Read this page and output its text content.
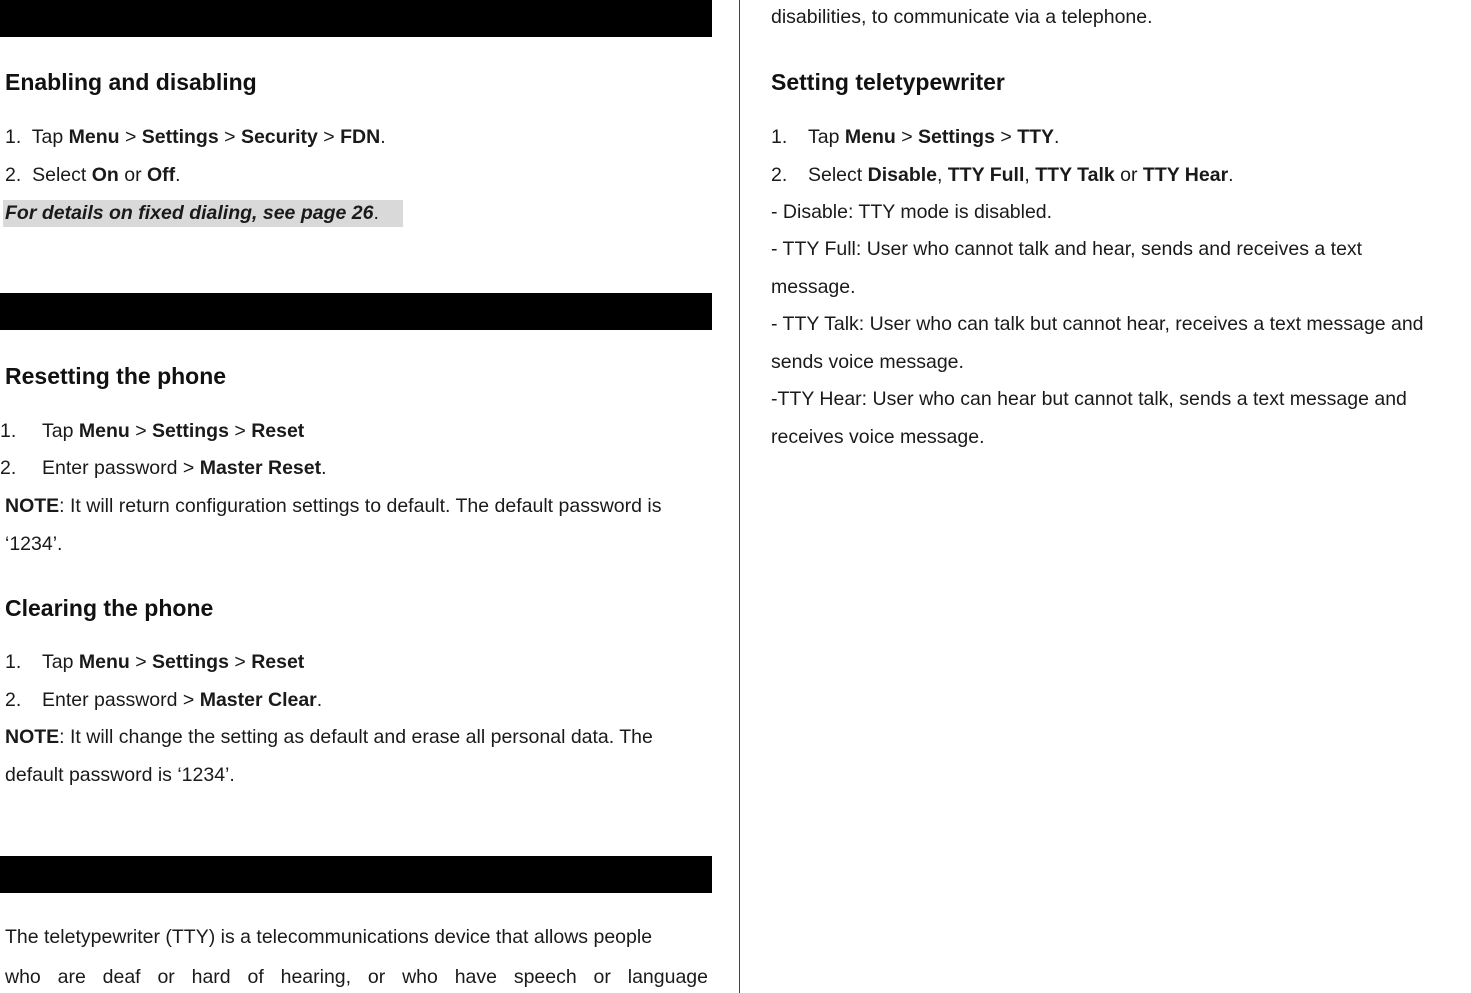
Enabling and disabling
1. Tap Menu > Settings > Security > FDN.
2. Select On or Off.
For details on fixed dialing, see page 26.
Resetting the phone
1. Tap Menu > Settings > Reset
2. Enter password > Master Reset.
NOTE: It will return configuration settings to default. The default password is
‘1234’.
Clearing the phone
1. Tap Menu > Settings > Reset
2. Enter password > Master Clear.
NOTE: It will change the setting as default and erase all personal data. The
default password is ‘1234’.
The teletypewriter (TTY) is a telecommunications device that allows people
who are deaf or hard of hearing, or who have speech or language
disabilities, to communicate via a telephone.
Setting teletypewriter
1. Tap Menu > Settings > TTY.
2. Select Disable, TTY Full, TTY Talk or TTY Hear.
- Disable: TTY mode is disabled.
- TTY Full: User who cannot talk and hear, sends and receives a text
message.
- TTY Talk: User who can talk but cannot hear, receives a text message and
sends voice message.
-TTY Hear: User who can hear but cannot talk, sends a text message and
receives voice message.
